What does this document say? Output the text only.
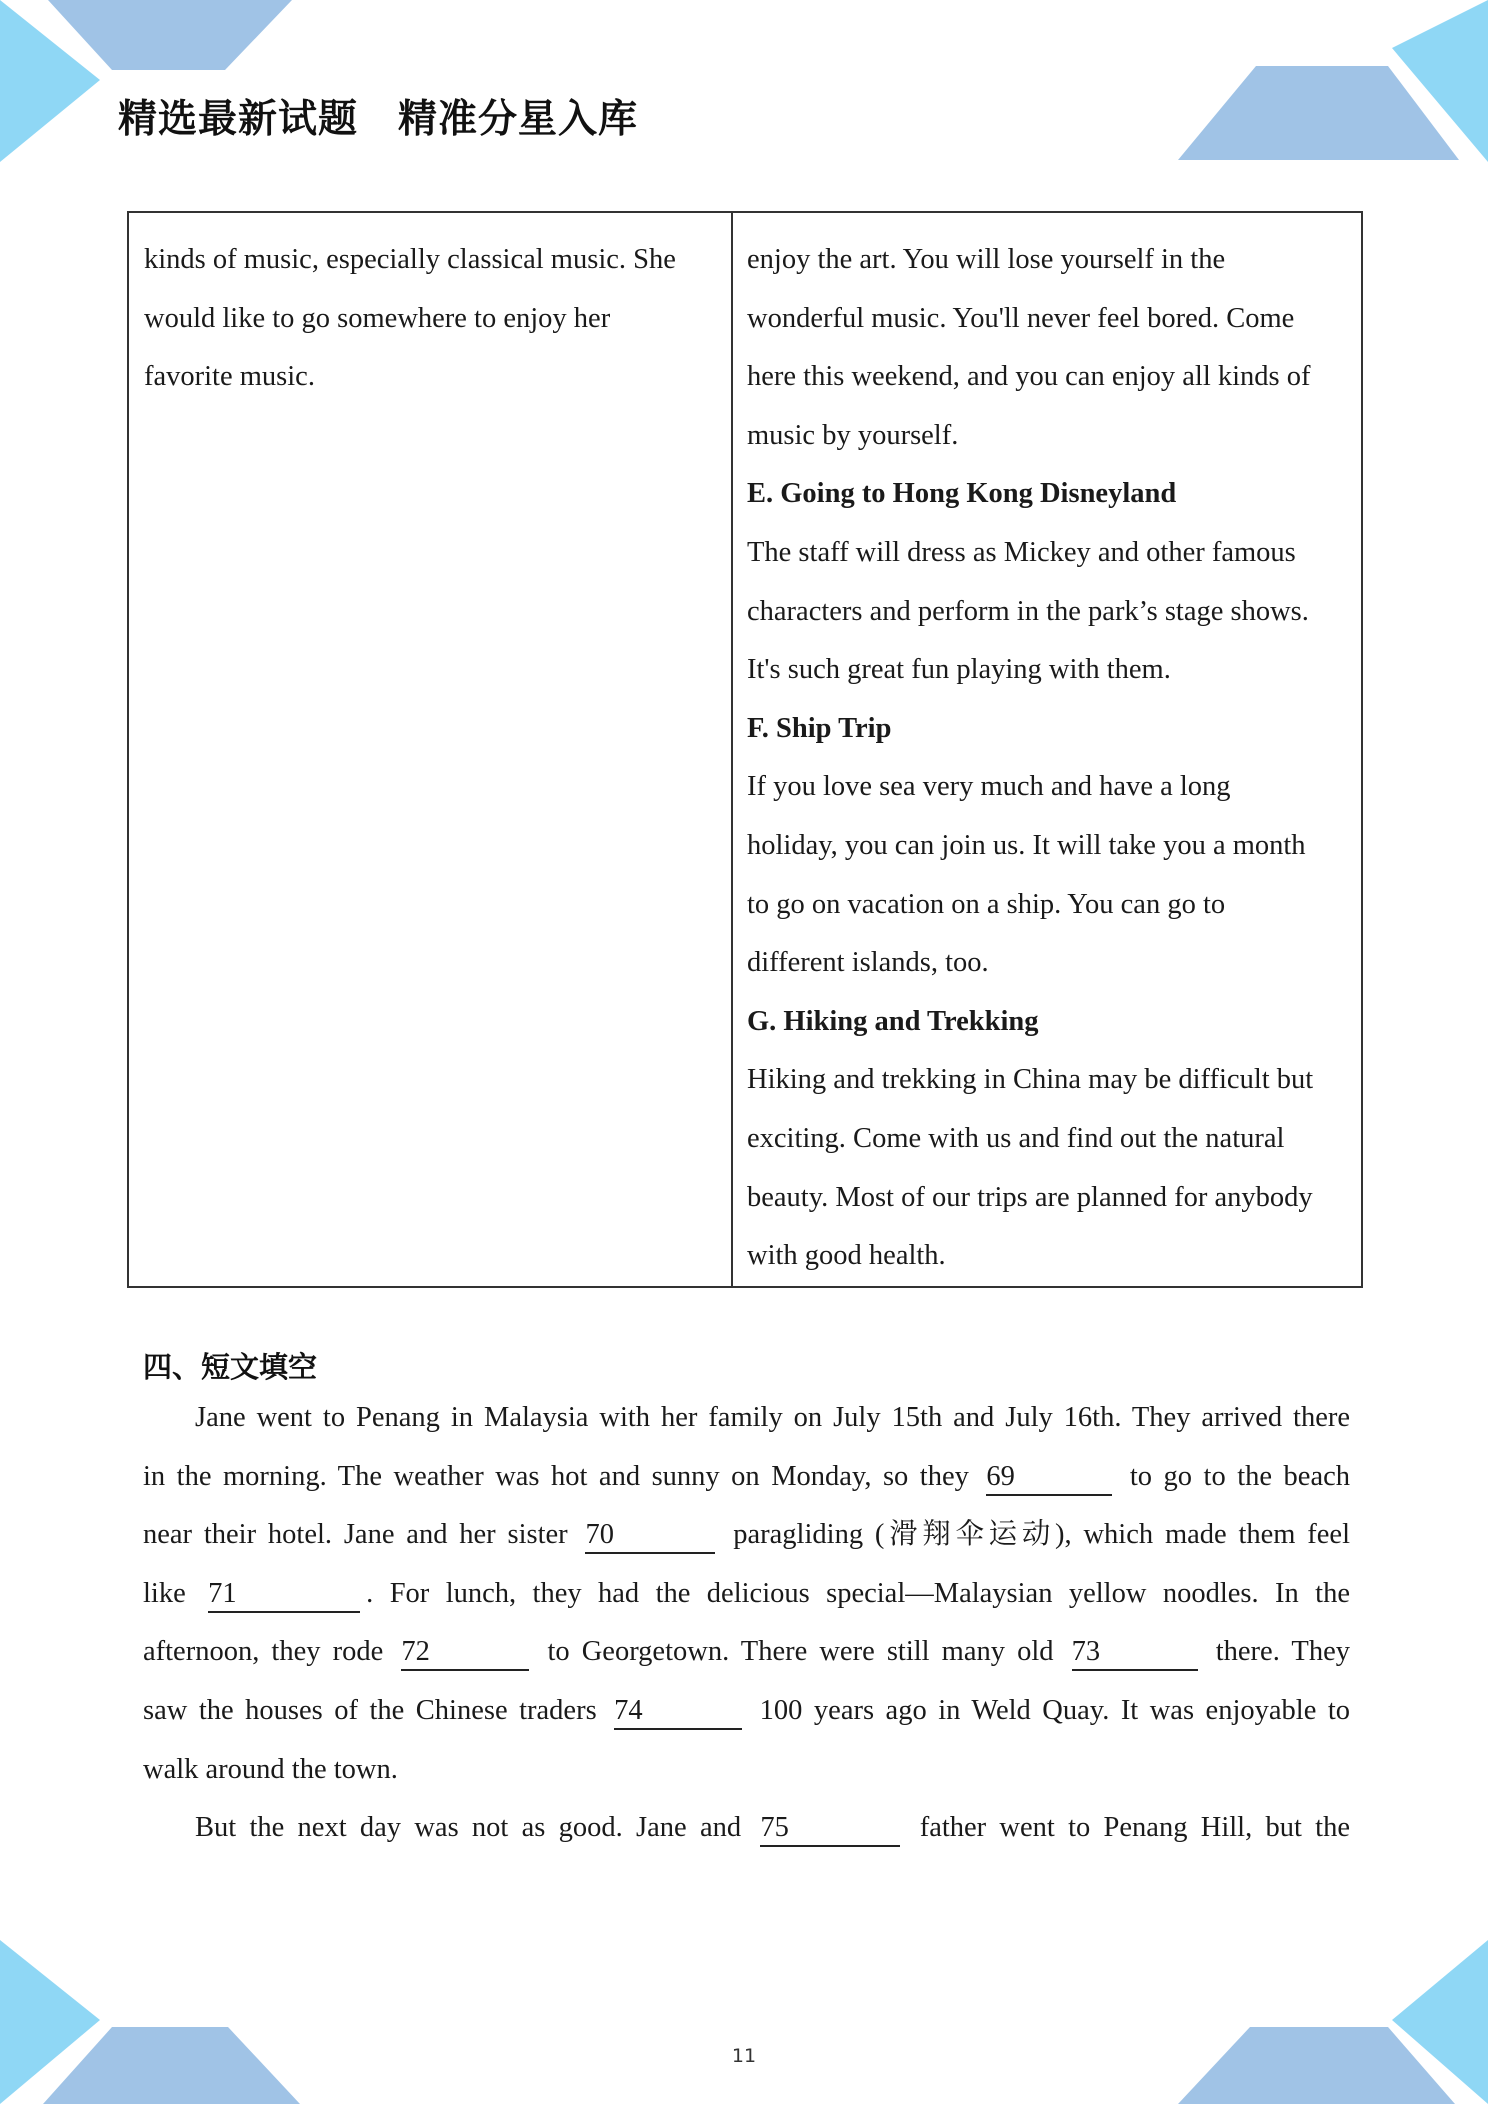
精选最新试题　精准分星入库
kinds of music, especially classical music. She
would like to go somewhere to enjoy her
favorite music.
enjoy the art. You will lose yourself in the
wonderful music. You'll never feel bored. Come
here this weekend, and you can enjoy all kinds of
music by yourself.
E. Going to Hong Kong Disneyland
The staff will dress as Mickey and other famous
characters and perform in the park’s stage shows.
It's such great fun playing with them.
F. Ship Trip
If you love sea very much and have a long
holiday, you can join us. It will take you a month
to go on vacation on a ship. You can go to
different islands, too.
G. Hiking and Trekking
Hiking and trekking in China may be difficult but
exciting. Come with us and find out the natural
beauty. Most of our trips are planned for anybody
with good health.
四、短文填空
Jane went to Penang in Malaysia with her family on July 15th and July 16th. They arrived there
in the morning. The weather was hot and sunny on Monday, so they 69	to go to the beach
near their hotel. Jane and her sister 70	paragliding (滑翔伞运动), which made them feel
like 71	. For lunch, they had the delicious special—Malaysian yellow noodles. In the
afternoon, they rode 72	to Georgetown. There were still many old 73	there. They
saw the houses of the Chinese traders 74	100 years ago in Weld Quay. It was enjoyable to
walk around the town.
But the next day was not as good. Jane and 75	father went to Penang Hill, but the
11
